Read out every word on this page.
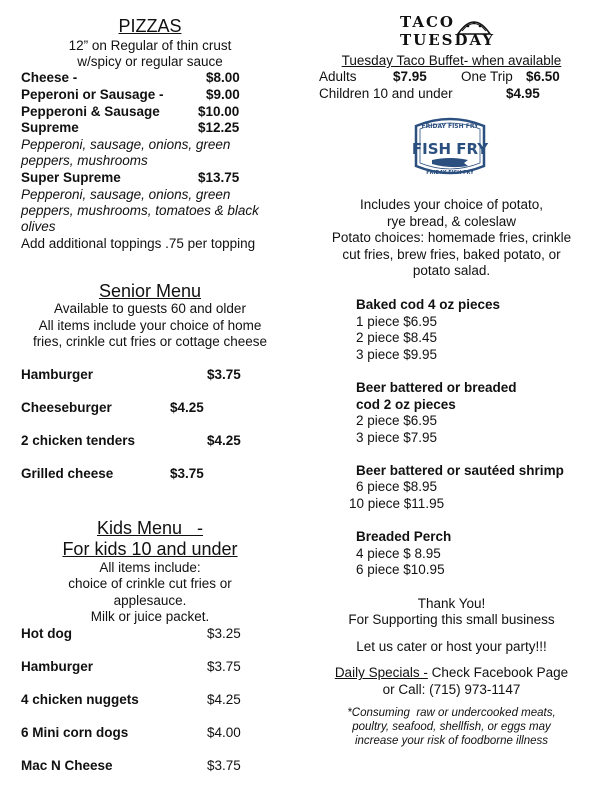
PIZZAS
12” on Regular of thin crust
w/spicy or regular sauce
Cheese -	$8.00
Peperoni or Sausage -	$9.00
Pepperoni & Sausage	$10.00
Supreme	$12.25
Pepperoni, sausage, onions, green
peppers, mushrooms
Super Supreme	$13.75
Pepperoni, sausage, onions, green
peppers, mushrooms, tomatoes & black
olives
Add additional toppings .75 per topping
Senior Menu
Available to guests 60 and older
All items include your choice of home
fries, crinkle cut fries or cottage cheese
Hamburger	$3.75
Cheeseburger	$4.25
2 chicken tenders	$4.25
Grilled cheese	$3.75
Kids Menu   -
For kids 10 and under
All items include:
choice of crinkle cut fries or
applesauce.
Milk or juice packet.
Hot dog	$3.25
Hamburger	$3.75
4 chicken nuggets	$4.25
6 Mini corn dogs	$4.00
Mac N Cheese	$3.75
TACO
TUESDAY
Tuesday Taco Buffet- when available
Adults	$7.95	One Trip $6.50
Children 10 and under	$4.95
FRIDAY FISH FRY
FISH FRY
FRIDAY FISH FRY
Includes your choice of potato,
rye bread, & coleslaw
Potato choices: homemade fries, crinkle
cut fries, brew fries, baked potato, or
potato salad.
Baked cod 4 oz pieces
1 piece $6.95
2 piece $8.45
3 piece $9.95
Beer battered or breaded
cod 2 oz pieces
2 piece $6.95
3 piece $7.95
Beer battered or sautéed shrimp
6 piece $8.95
10 piece $11.95
Breaded Perch
4 piece $ 8.95
6 piece $10.95
Thank You!
For Supporting this small business
Let us cater or host your party!!!
Daily Specials - Check Facebook Page
or Call: (715) 973-1147
*Consuming  raw or undercooked meats,
poultry, seafood, shellfish, or eggs may
increase your risk of foodborne illness
